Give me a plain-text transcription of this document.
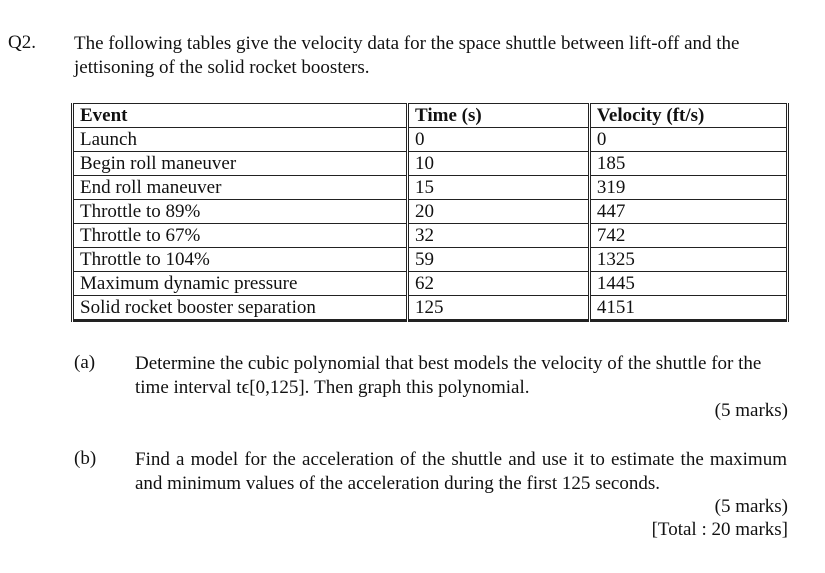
Q2. The following tables give the velocity data for the space shuttle between lift-off and the jettisoning of the solid rocket boosters.
Event	Time (s)	Velocity (ft/s)
Launch	0	0
Begin roll maneuver	10	185
End roll maneuver	15	319
Throttle to 89%	20	447
Throttle to 67%	32	742
Throttle to 104%	59	1325
Maximum dynamic pressure	62	1445
Solid rocket booster separation	125	4151
(a) Determine the cubic polynomial that best models the velocity of the shuttle for the time interval tϵ[0,125]. Then graph this polynomial.
(5 marks)
(b) Find a model for the acceleration of the shuttle and use it to estimate the maximum and minimum values of the acceleration during the first 125 seconds.
(5 marks)
[Total : 20 marks]
